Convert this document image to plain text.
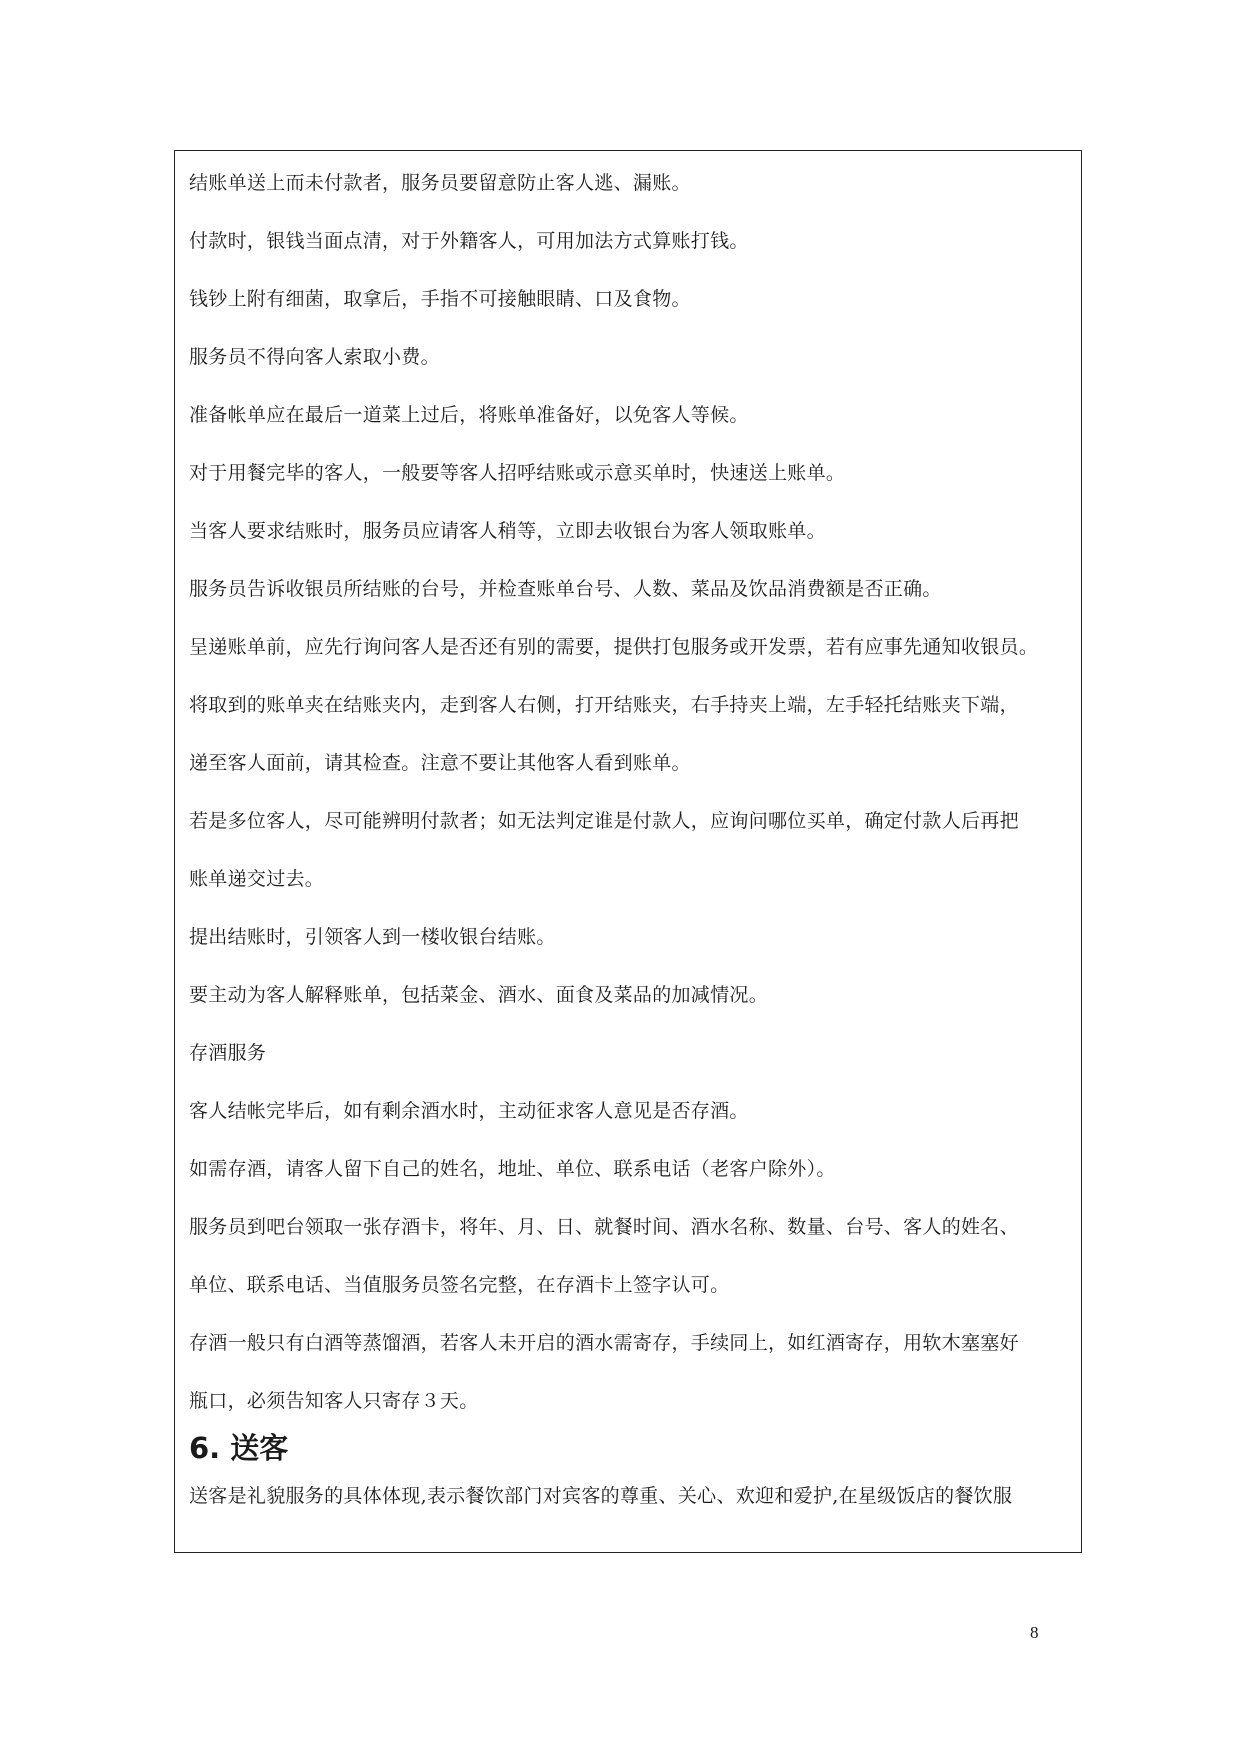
结账单送上而未付款者，服务员要留意防止客人逃、漏账。
付款时，银钱当面点清，对于外籍客人，可用加法方式算账打钱。
钱钞上附有细菌，取拿后，手指不可接触眼睛、口及食物。
服务员不得向客人索取小费。
准备帐单应在最后一道菜上过后，将账单准备好，以免客人等候。
对于用餐完毕的客人，一般要等客人招呼结账或示意买单时，快速送上账单。
当客人要求结账时，服务员应请客人稍等，立即去收银台为客人领取账单。
服务员告诉收银员所结账的台号，并检查账单台号、人数、菜品及饮品消费额是否正确。
呈递账单前，应先行询问客人是否还有别的需要，提供打包服务或开发票，若有应事先通知收银员。
将取到的账单夹在结账夹内，走到客人右侧，打开结账夹，右手持夹上端，左手轻托结账夹下端，
递至客人面前，请其检查。注意不要让其他客人看到账单。
若是多位客人，尽可能辨明付款者；如无法判定谁是付款人，应询问哪位买单，确定付款人后再把
账单递交过去。
提出结账时，引领客人到一楼收银台结账。
要主动为客人解释账单，包括菜金、酒水、面食及菜品的加减情况。
存酒服务
客人结帐完毕后，如有剩余酒水时，主动征求客人意见是否存酒。
如需存酒，请客人留下自己的姓名，地址、单位、联系电话（老客户除外）。
服务员到吧台领取一张存酒卡，将年、月、日、就餐时间、酒水名称、数量、台号、客人的姓名、
单位、联系电话、当值服务员签名完整，在存酒卡上签字认可。
存酒一般只有白酒等蒸馏酒，若客人未开启的酒水需寄存，手续同上，如红酒寄存，用软木塞塞好
瓶口，必须告知客人只寄存３天。
6. 送客
送客是礼貌服务的具体体现,表示餐饮部门对宾客的尊重、关心、欢迎和爱护,在星级饭店的餐饮服
8
